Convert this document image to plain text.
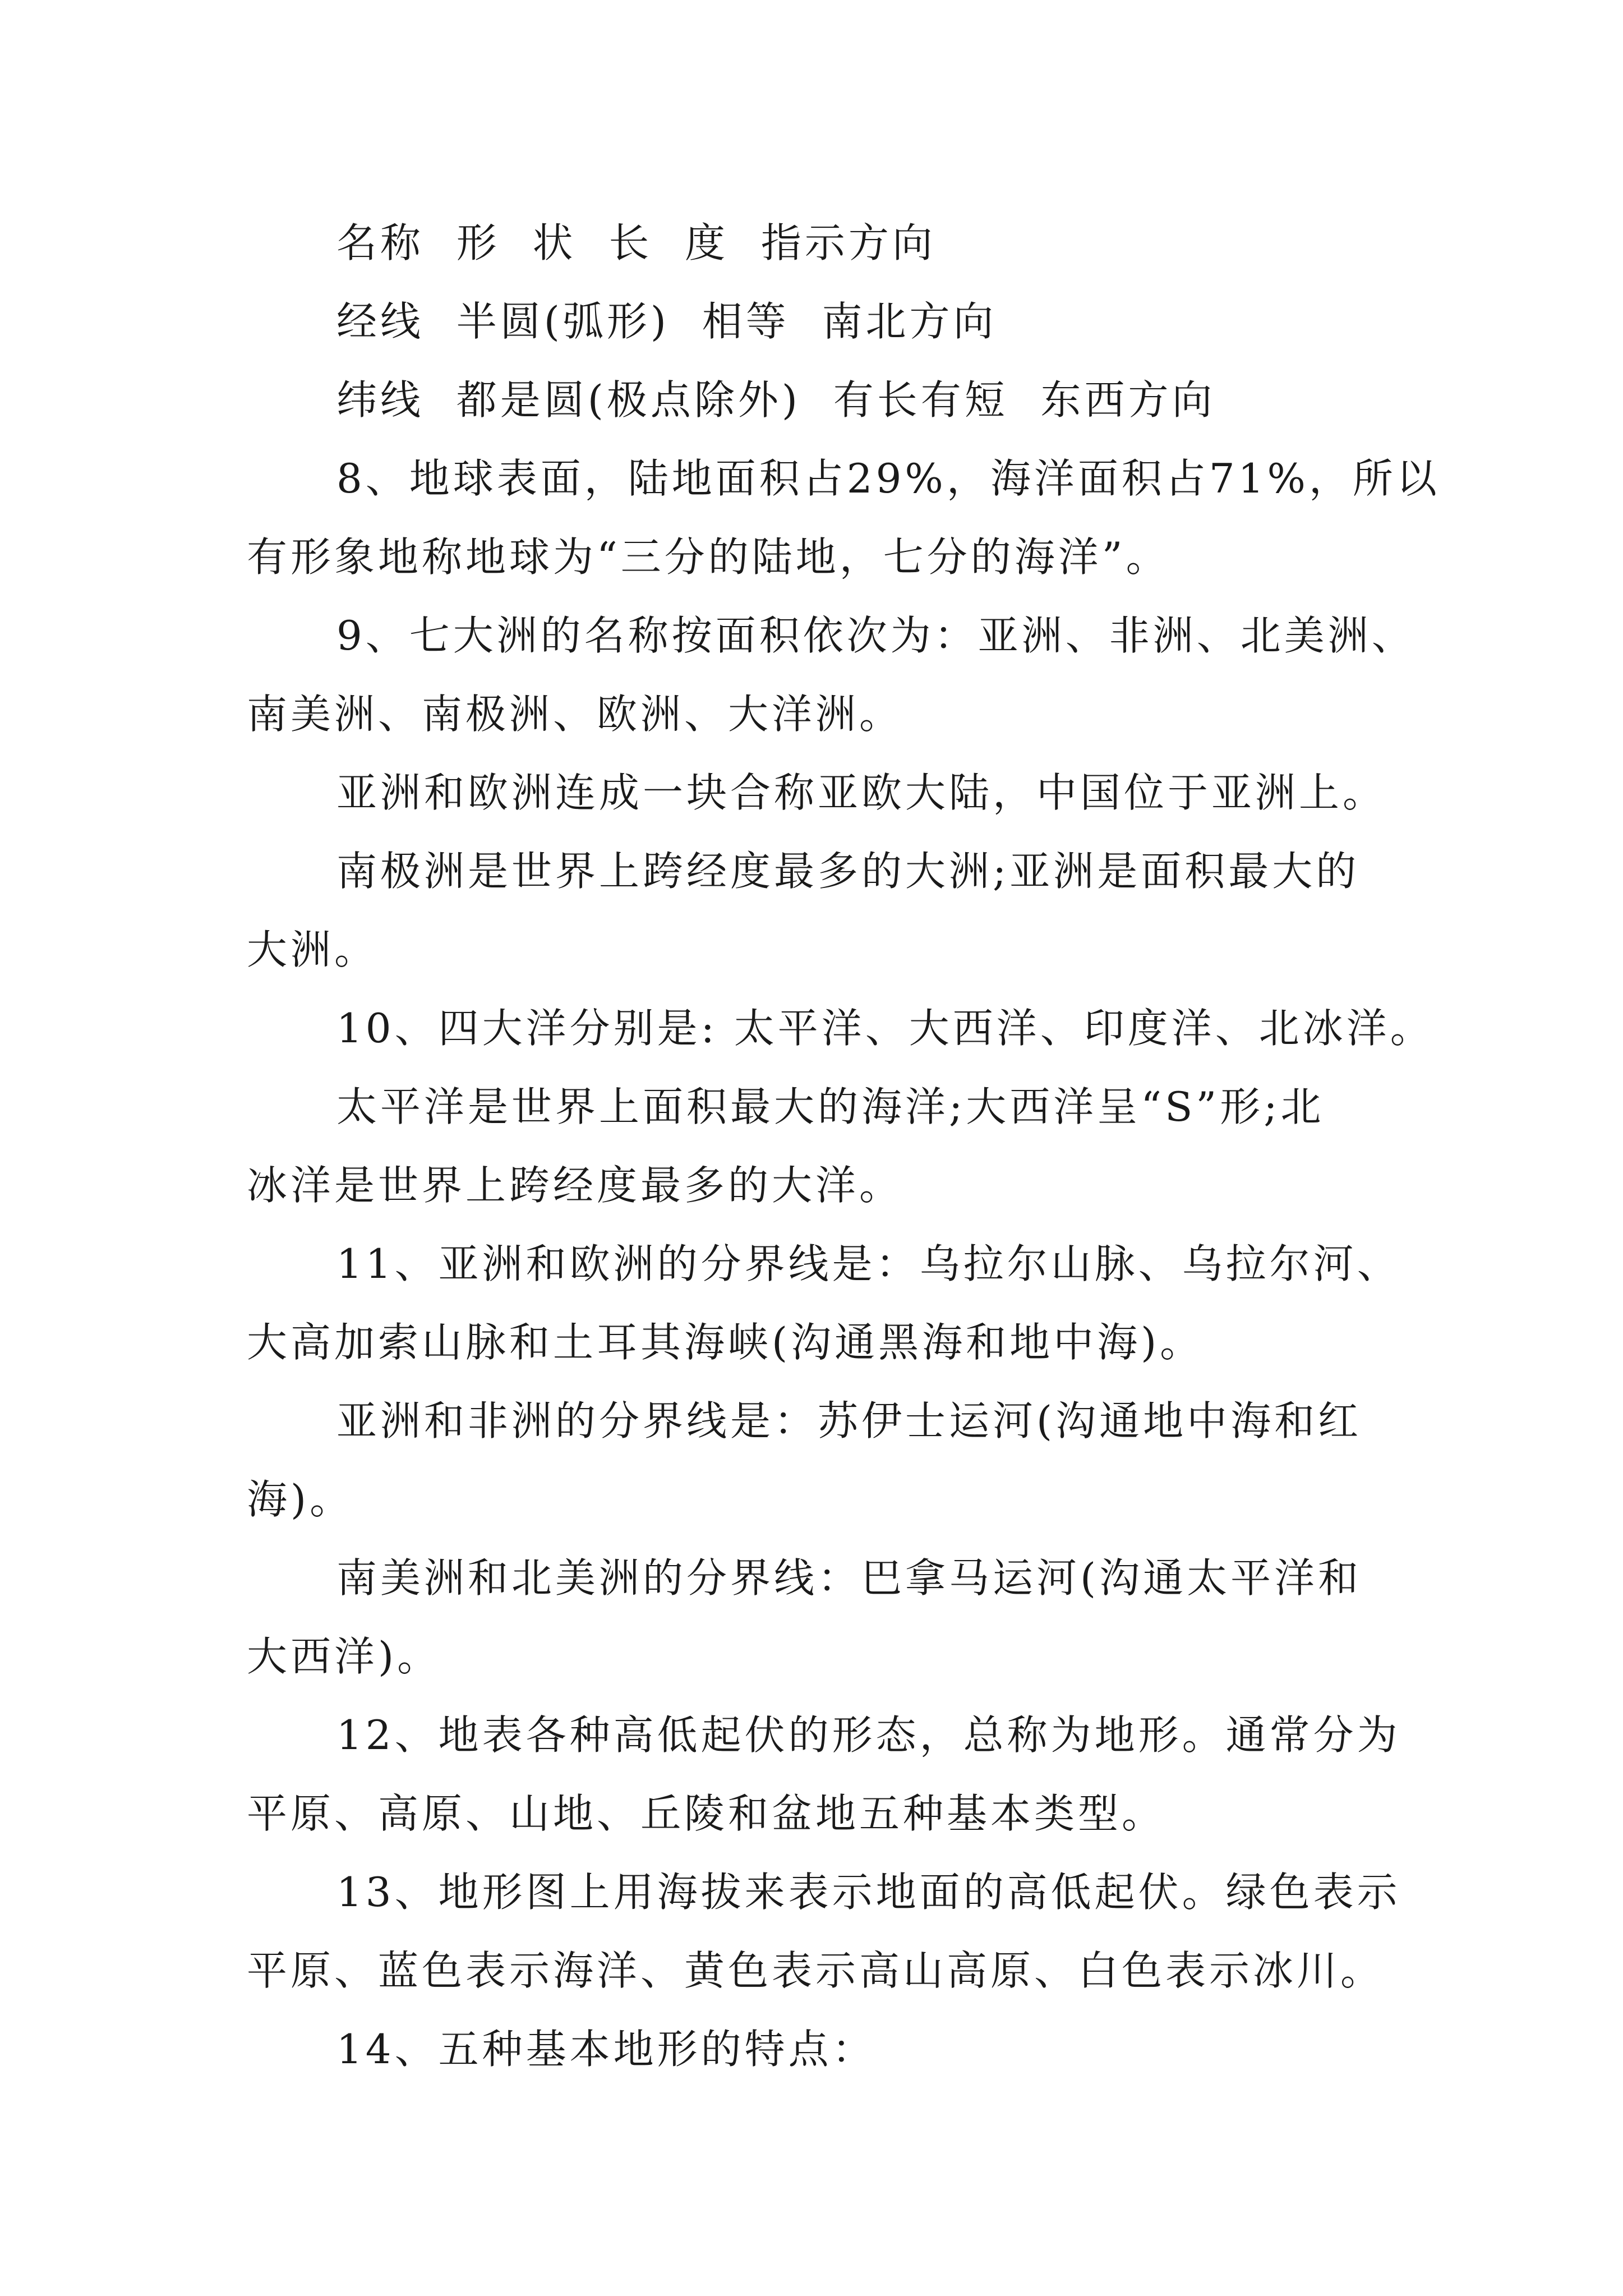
名称  形  状  长  度  指示方向
经线  半圆(弧形)  相等  南北方向
纬线  都是圆(极点除外)  有长有短  东西方向
8、地球表面，陆地面积占29%，海洋面积占71%，所以
有形象地称地球为“三分的陆地，七分的海洋”。
9、七大洲的名称按面积依次为：亚洲、非洲、北美洲、
南美洲、南极洲、欧洲、大洋洲。
亚洲和欧洲连成一块合称亚欧大陆，中国位于亚洲上。
南极洲是世界上跨经度最多的大洲;亚洲是面积最大的
大洲。
10、四大洋分别是: 太平洋、大西洋、印度洋、北冰洋。
太平洋是世界上面积最大的海洋;大西洋呈“S”形;北
冰洋是世界上跨经度最多的大洋。
11、亚洲和欧洲的分界线是：乌拉尔山脉、乌拉尔河、
大高加索山脉和土耳其海峡(沟通黑海和地中海)。
亚洲和非洲的分界线是：苏伊士运河(沟通地中海和红
海)。
南美洲和北美洲的分界线：巴拿马运河(沟通太平洋和
大西洋)。
12、地表各种高低起伏的形态，总称为地形。通常分为
平原、高原、山地、丘陵和盆地五种基本类型。
13、地形图上用海拔来表示地面的高低起伏。绿色表示
平原、蓝色表示海洋、黄色表示高山高原、白色表示冰川。
14、五种基本地形的特点：
